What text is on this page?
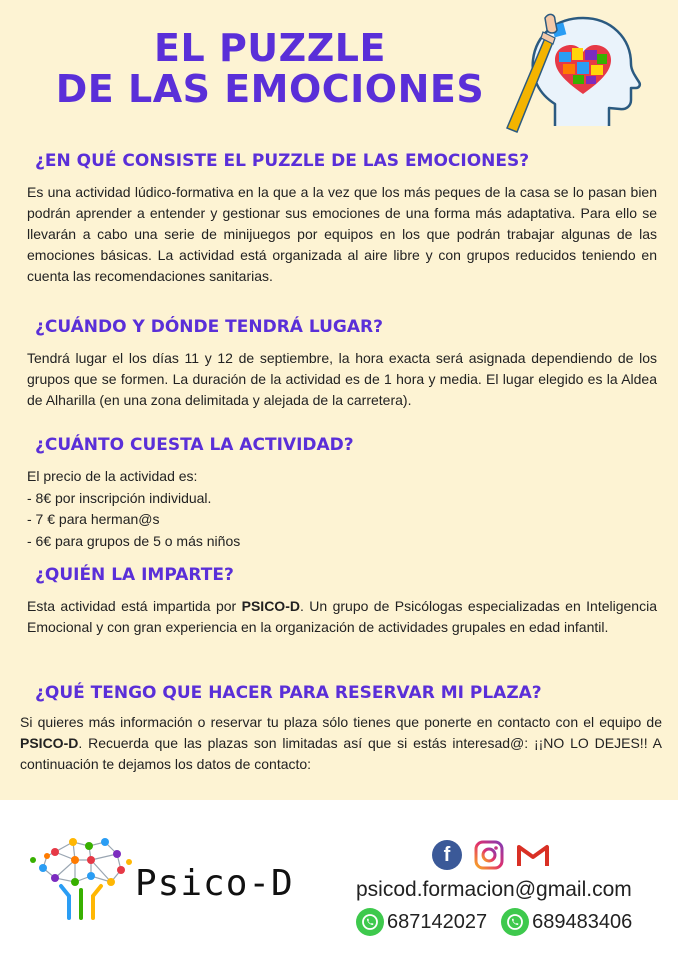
EL PUZZLE
DE LAS EMOCIONES
¿EN QUÉ CONSISTE EL PUZZLE DE LAS EMOCIONES?
Es una actividad lúdico-formativa en la que a la vez que los más peques de la casa se lo pasan bien podrán aprender a entender y gestionar sus emociones de una forma más adaptativa. Para ello se llevarán a cabo una serie de minijuegos por equipos en los que podrán trabajar algunas de las emociones básicas. La actividad está organizada al aire libre y con grupos reducidos teniendo en cuenta las recomendaciones sanitarias.
¿CUÁNDO Y DÓNDE TENDRÁ LUGAR?
Tendrá lugar el los días 11 y 12 de septiembre, la hora exacta será asignada dependiendo de los grupos que se formen. La duración de la actividad es de 1 hora y media. El lugar elegido es la Aldea de Alharilla (en una zona delimitada y alejada de la carretera).
¿CUÁNTO CUESTA LA ACTIVIDAD?
El precio de la actividad es:
- 8€ por inscripción individual.
- 7 € para herman@s
- 6€ para grupos de 5 o más niños
¿QUIÉN LA IMPARTE?
Esta actividad está impartida por PSICO-D. Un grupo de Psicólogas especializadas en Inteligencia Emocional y con gran experiencia en la organización de actividades grupales en edad infantil.
¿QUÉ TENGO QUE HACER PARA RESERVAR MI PLAZA?
Si quieres más información o reservar tu plaza sólo tienes que ponerte en contacto con el equipo de PSICO-D. Recuerda que las plazas son limitadas así que si estás interesad@: ¡¡NO LO DEJES!! A continuación te dejamos los datos de contacto:
Psico-D
f
psicod.formacion@gmail.com
687142027 689483406
